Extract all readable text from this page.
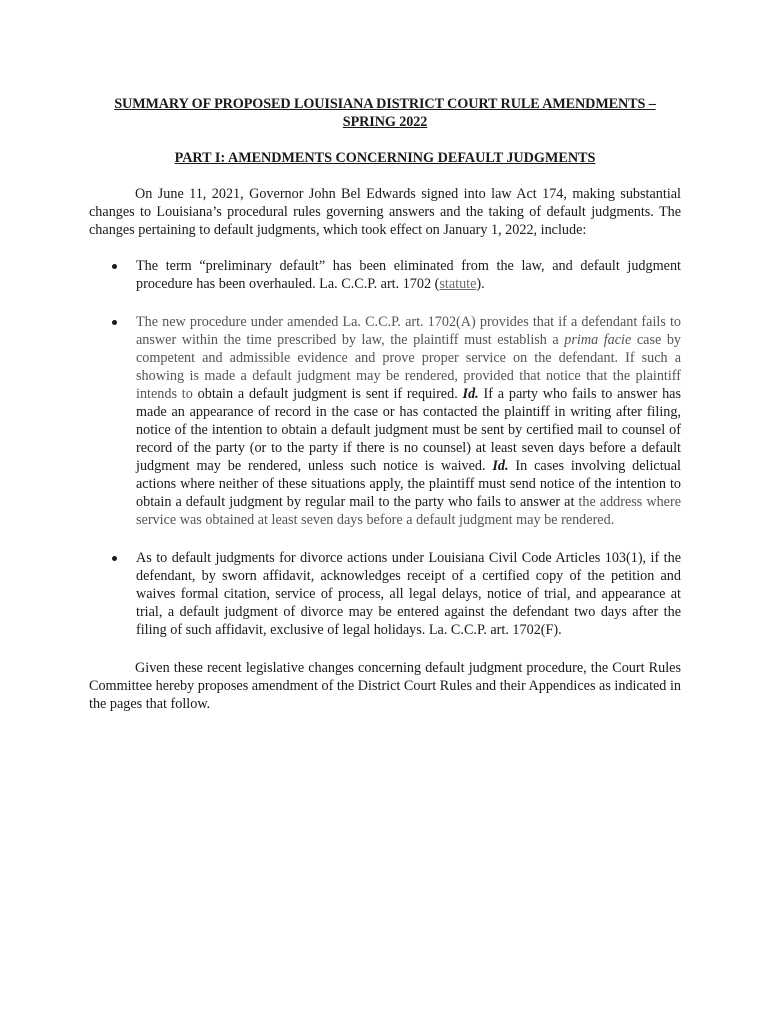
SUMMARY OF PROPOSED LOUISIANA DISTRICT COURT RULE AMENDMENTS –
SPRING 2022
PART I: AMENDMENTS CONCERNING DEFAULT JUDGMENTS

On June 11, 2021, Governor John Bel Edwards signed into law Act 174, making substantial changes to Louisiana’s procedural rules governing answers and the taking of default judgments. The changes pertaining to default judgments, which took effect on January 1, 2022, include:

The term “preliminary default” has been eliminated from the law, and default judgment procedure has been overhauled. La. C.C.P. art. 1702 (statute).
The new procedure under amended La. C.C.P. art. 1702(A) provides that if a defendant fails to answer within the time prescribed by law, the plaintiff must establish a prima facie case by competent and admissible evidence and prove proper service on the defendant. If such a showing is made a default judgment may be rendered, provided that notice that the plaintiff intends to obtain a default judgment is sent if required. Id. If a party who fails to answer has made an appearance of record in the case or has contacted the plaintiff in writing after filing, notice of the intention to obtain a default judgment must be sent by certified mail to counsel of record of the party (or to the party if there is no counsel) at least seven days before a default judgment may be rendered, unless such notice is waived. Id. In cases involving delictual actions where neither of these situations apply, the plaintiff must send notice of the intention to obtain a default judgment by regular mail to the party who fails to answer at the address where service was obtained at least seven days before a default judgment may be rendered.
As to default judgments for divorce actions under Louisiana Civil Code Articles 103(1), if the defendant, by sworn affidavit, acknowledges receipt of a certified copy of the petition and waives formal citation, service of process, all legal delays, notice of trial, and appearance at trial, a default judgment of divorce may be entered against the defendant two days after the filing of such affidavit, exclusive of legal holidays. La. C.C.P. art. 1702(F).

Given these recent legislative changes concerning default judgment procedure, the Court Rules Committee hereby proposes amendment of the District Court Rules and their Appendices as indicated in the pages that follow.
